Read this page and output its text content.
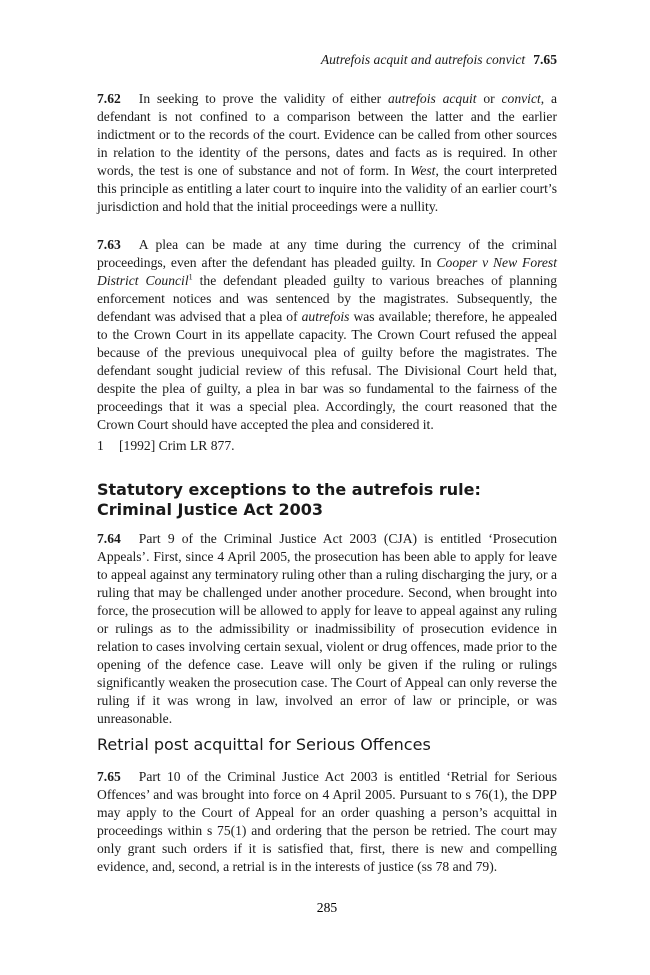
Autrefois acquit and autrefois convict 7.65

7.62 In seeking to prove the validity of either autrefois acquit or convict, a defendant is not confined to a comparison between the latter and the earlier indictment or to the records of the court. Evidence can be called from other sources in relation to the identity of the persons, dates and facts as is required. In other words, the test is one of substance and not of form. In West, the court interpreted this principle as entitling a later court to inquire into the validity of an earlier court’s jurisdiction and hold that the initial proceedings were a nullity.

7.63 A plea can be made at any time during the currency of the criminal proceedings, even after the defendant has pleaded guilty. In Cooper v New Forest District Council$^1$ the defendant pleaded guilty to various breaches of planning enforcement notices and was sentenced by the magistrates. Subsequently, the defendant was advised that a plea of autrefois was available; therefore, he appealed to the Crown Court in its appellate capacity. The Crown Court refused the appeal because of the previous unequivocal plea of guilty before the magistrates. The defendant sought judicial review of this refusal. The Divisional Court held that, despite the plea of guilty, a plea in bar was so fundamental to the fairness of the proceedings that it was a special plea. Accordingly, the court reasoned that the Crown Court should have accepted the plea and considered it.

1 [1992] Crim LR 877.
Statutory exceptions to the autrefois rule: Criminal Justice Act 2003

7.64 Part 9 of the Criminal Justice Act 2003 (CJA) is entitled ‘Prosecution Appeals’. First, since 4 April 2005, the prosecution has been able to apply for leave to appeal against any terminatory ruling other than a ruling discharging the jury, or a ruling that may be challenged under another procedure. Second, when brought into force, the prosecution will be allowed to apply for leave to appeal against any ruling or rulings as to the admissibility or inadmissibility of prosecution evidence in relation to cases involving certain sexual, violent or drug offences, made prior to the opening of the defence case. Leave will only be given if the ruling or rulings significantly weaken the prosecution case. The Court of Appeal can only reverse the ruling if it was wrong in law, involved an error of law or principle, or was unreasonable.

Retrial post acquittal for Serious Offences

7.65 Part 10 of the Criminal Justice Act 2003 is entitled ‘Retrial for Serious Offences’ and was brought into force on 4 April 2005. Pursuant to s 76(1), the DPP may apply to the Court of Appeal for an order quashing a person’s acquittal in proceedings within s 75(1) and ordering that the person be retried. The court may only grant such orders if it is satisfied that, first, there is new and compelling evidence, and, second, a retrial is in the interests of justice (ss 78 and 79).

285
